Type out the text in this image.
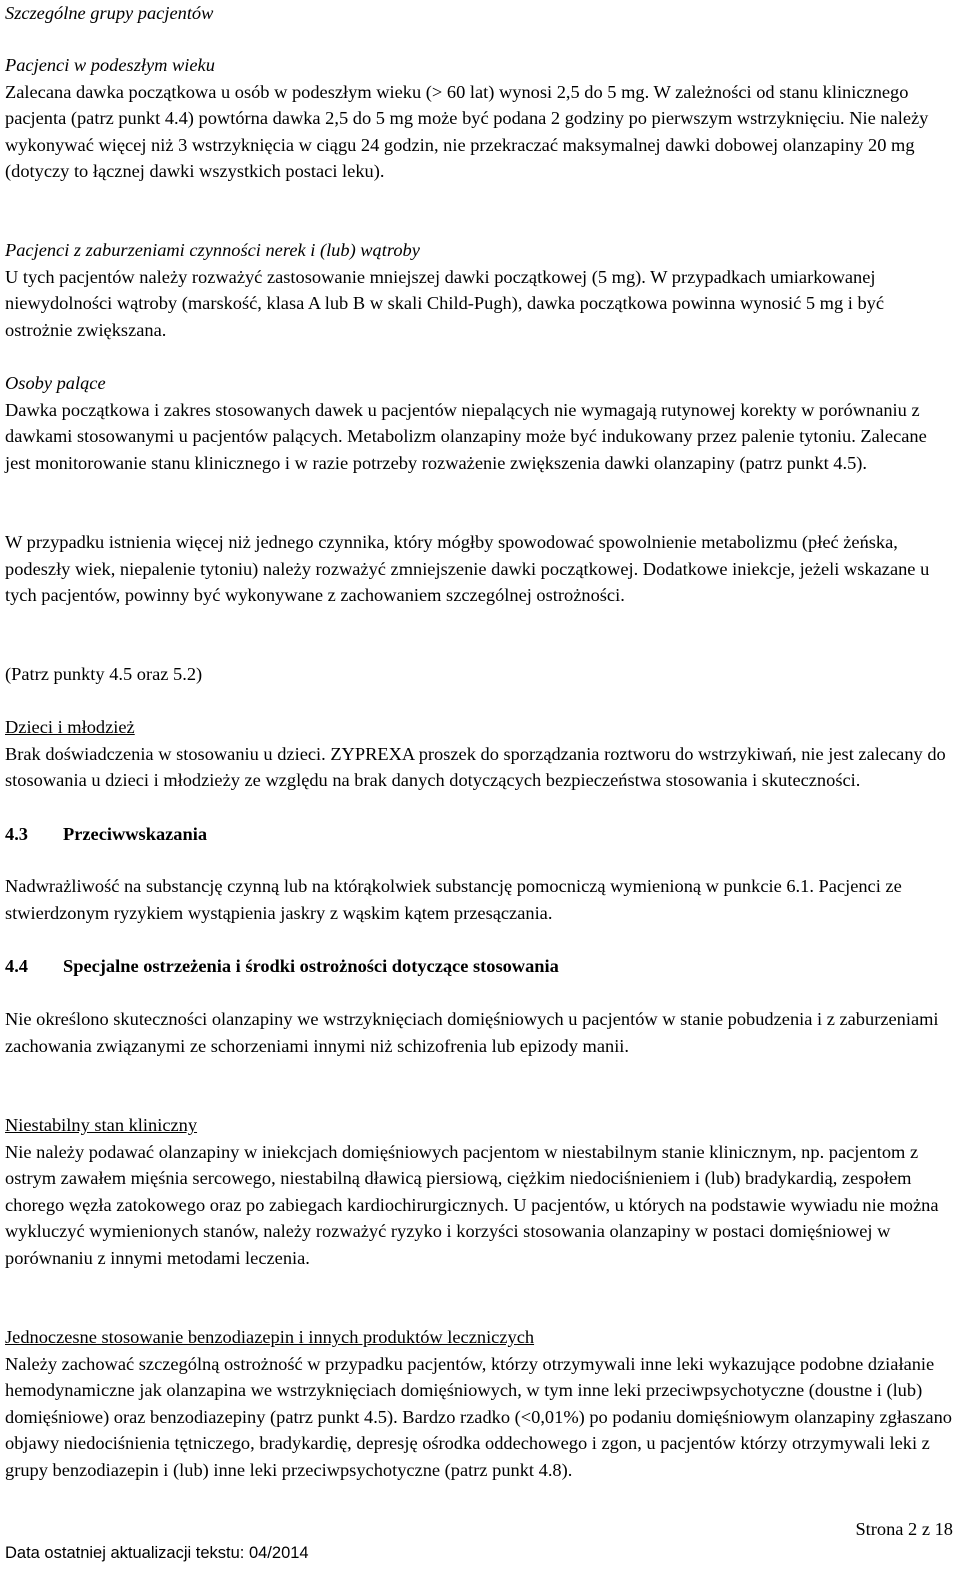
Szczególne grupy pacjentów

Pacjenci w podeszłym wieku
Zalecana dawka początkowa u osób w podeszłym wieku (> 60 lat) wynosi 2,5 do 5 mg. W zależności od stanu klinicznego pacjenta (patrz punkt 4.4) powtórna dawka 2,5 do 5 mg może być podana 2 godziny po pierwszym wstrzyknięciu. Nie należy wykonywać więcej niż 3 wstrzyknięcia w ciągu 24 godzin, nie przekraczać maksymalnej dawki dobowej olanzapiny 20 mg (dotyczy to łącznej dawki wszystkich postaci leku).
Pacjenci z zaburzeniami czynności nerek i (lub) wątroby
U tych pacjentów należy rozważyć zastosowanie mniejszej dawki początkowej (5 mg). W przypadkach umiarkowanej niewydolności wątroby (marskość, klasa A lub B w skali Child-Pugh), dawka początkowa powinna wynosić 5 mg i być ostrożnie zwiększana.
Osoby palące
Dawka początkowa i zakres stosowanych dawek u pacjentów niepalących nie wymagają rutynowej korekty w porównaniu z dawkami stosowanymi u pacjentów palących. Metabolizm olanzapiny może być indukowany przez palenie tytoniu. Zalecane jest monitorowanie stanu klinicznego i w razie potrzeby rozważenie zwiększenia dawki olanzapiny (patrz punkt 4.5).

W przypadku istnienia więcej niż jednego czynnika, który mógłby spowodować spowolnienie metabolizmu (płeć żeńska, podeszły wiek, niepalenie tytoniu) należy rozważyć zmniejszenie dawki początkowej. Dodatkowe iniekcje, jeżeli wskazane u tych pacjentów, powinny być wykonywane z zachowaniem szczególnej ostrożności.

(Patrz punkty 4.5 oraz 5.2)

Dzieci i młodzież
Brak doświadczenia w stosowaniu u dzieci. ZYPREXA proszek do sporządzania roztworu do wstrzykiwań, nie jest zalecany do stosowania u dzieci i młodzieży ze względu na brak danych dotyczących bezpieczeństwa stosowania i skuteczności.
4.3 Przeciwwskazania

Nadwrażliwość na substancję czynną lub na którąkolwiek substancję pomocniczą wymienioną w punkcie 6.1. Pacjenci ze stwierdzonym ryzykiem wystąpienia jaskry z wąskim kątem przesączania.

4.4 Specjalne ostrzeżenia i środki ostrożności dotyczące stosowania

Nie określono skuteczności olanzapiny we wstrzyknięciach domięśniowych u pacjentów w stanie pobudzenia i z zaburzeniami zachowania związanymi ze schorzeniami innymi niż schizofrenia lub epizody manii.

Niestabilny stan kliniczny
Nie należy podawać olanzapiny w iniekcjach domięśniowych pacjentom w niestabilnym stanie klinicznym, np. pacjentom z ostrym zawałem mięśnia sercowego, niestabilną dławicą piersiową, ciężkim niedociśnieniem i (lub) bradykardią, zespołem chorego węzła zatokowego oraz po zabiegach kardiochirurgicznych. U pacjentów, u których na podstawie wywiadu nie można wykluczyć wymienionych stanów, należy rozważyć ryzyko i korzyści stosowania olanzapiny w postaci domięśniowej w porównaniu z innymi metodami leczenia.
Jednoczesne stosowanie benzodiazepin i innych produktów leczniczych
Należy zachować szczególną ostrożność w przypadku pacjentów, którzy otrzymywali inne leki wykazujące podobne działanie hemodynamiczne jak olanzapina we wstrzyknięciach domięśniowych, w tym inne leki przeciwpsychotyczne (doustne i (lub) domięśniowe) oraz benzodiazepiny (patrz punkt 4.5). Bardzo rzadko (<0,01%) po podaniu domięśniowym olanzapiny zgłaszano objawy niedociśnienia tętniczego, bradykardię, depresję ośrodka oddechowego i zgon, u pacjentów którzy otrzymywali leki z grupy benzodiazepin i (lub) inne leki przeciwpsychotyczne (patrz punkt 4.8).
Strona 2 z 18
Data ostatniej aktualizacji tekstu: 04/2014
